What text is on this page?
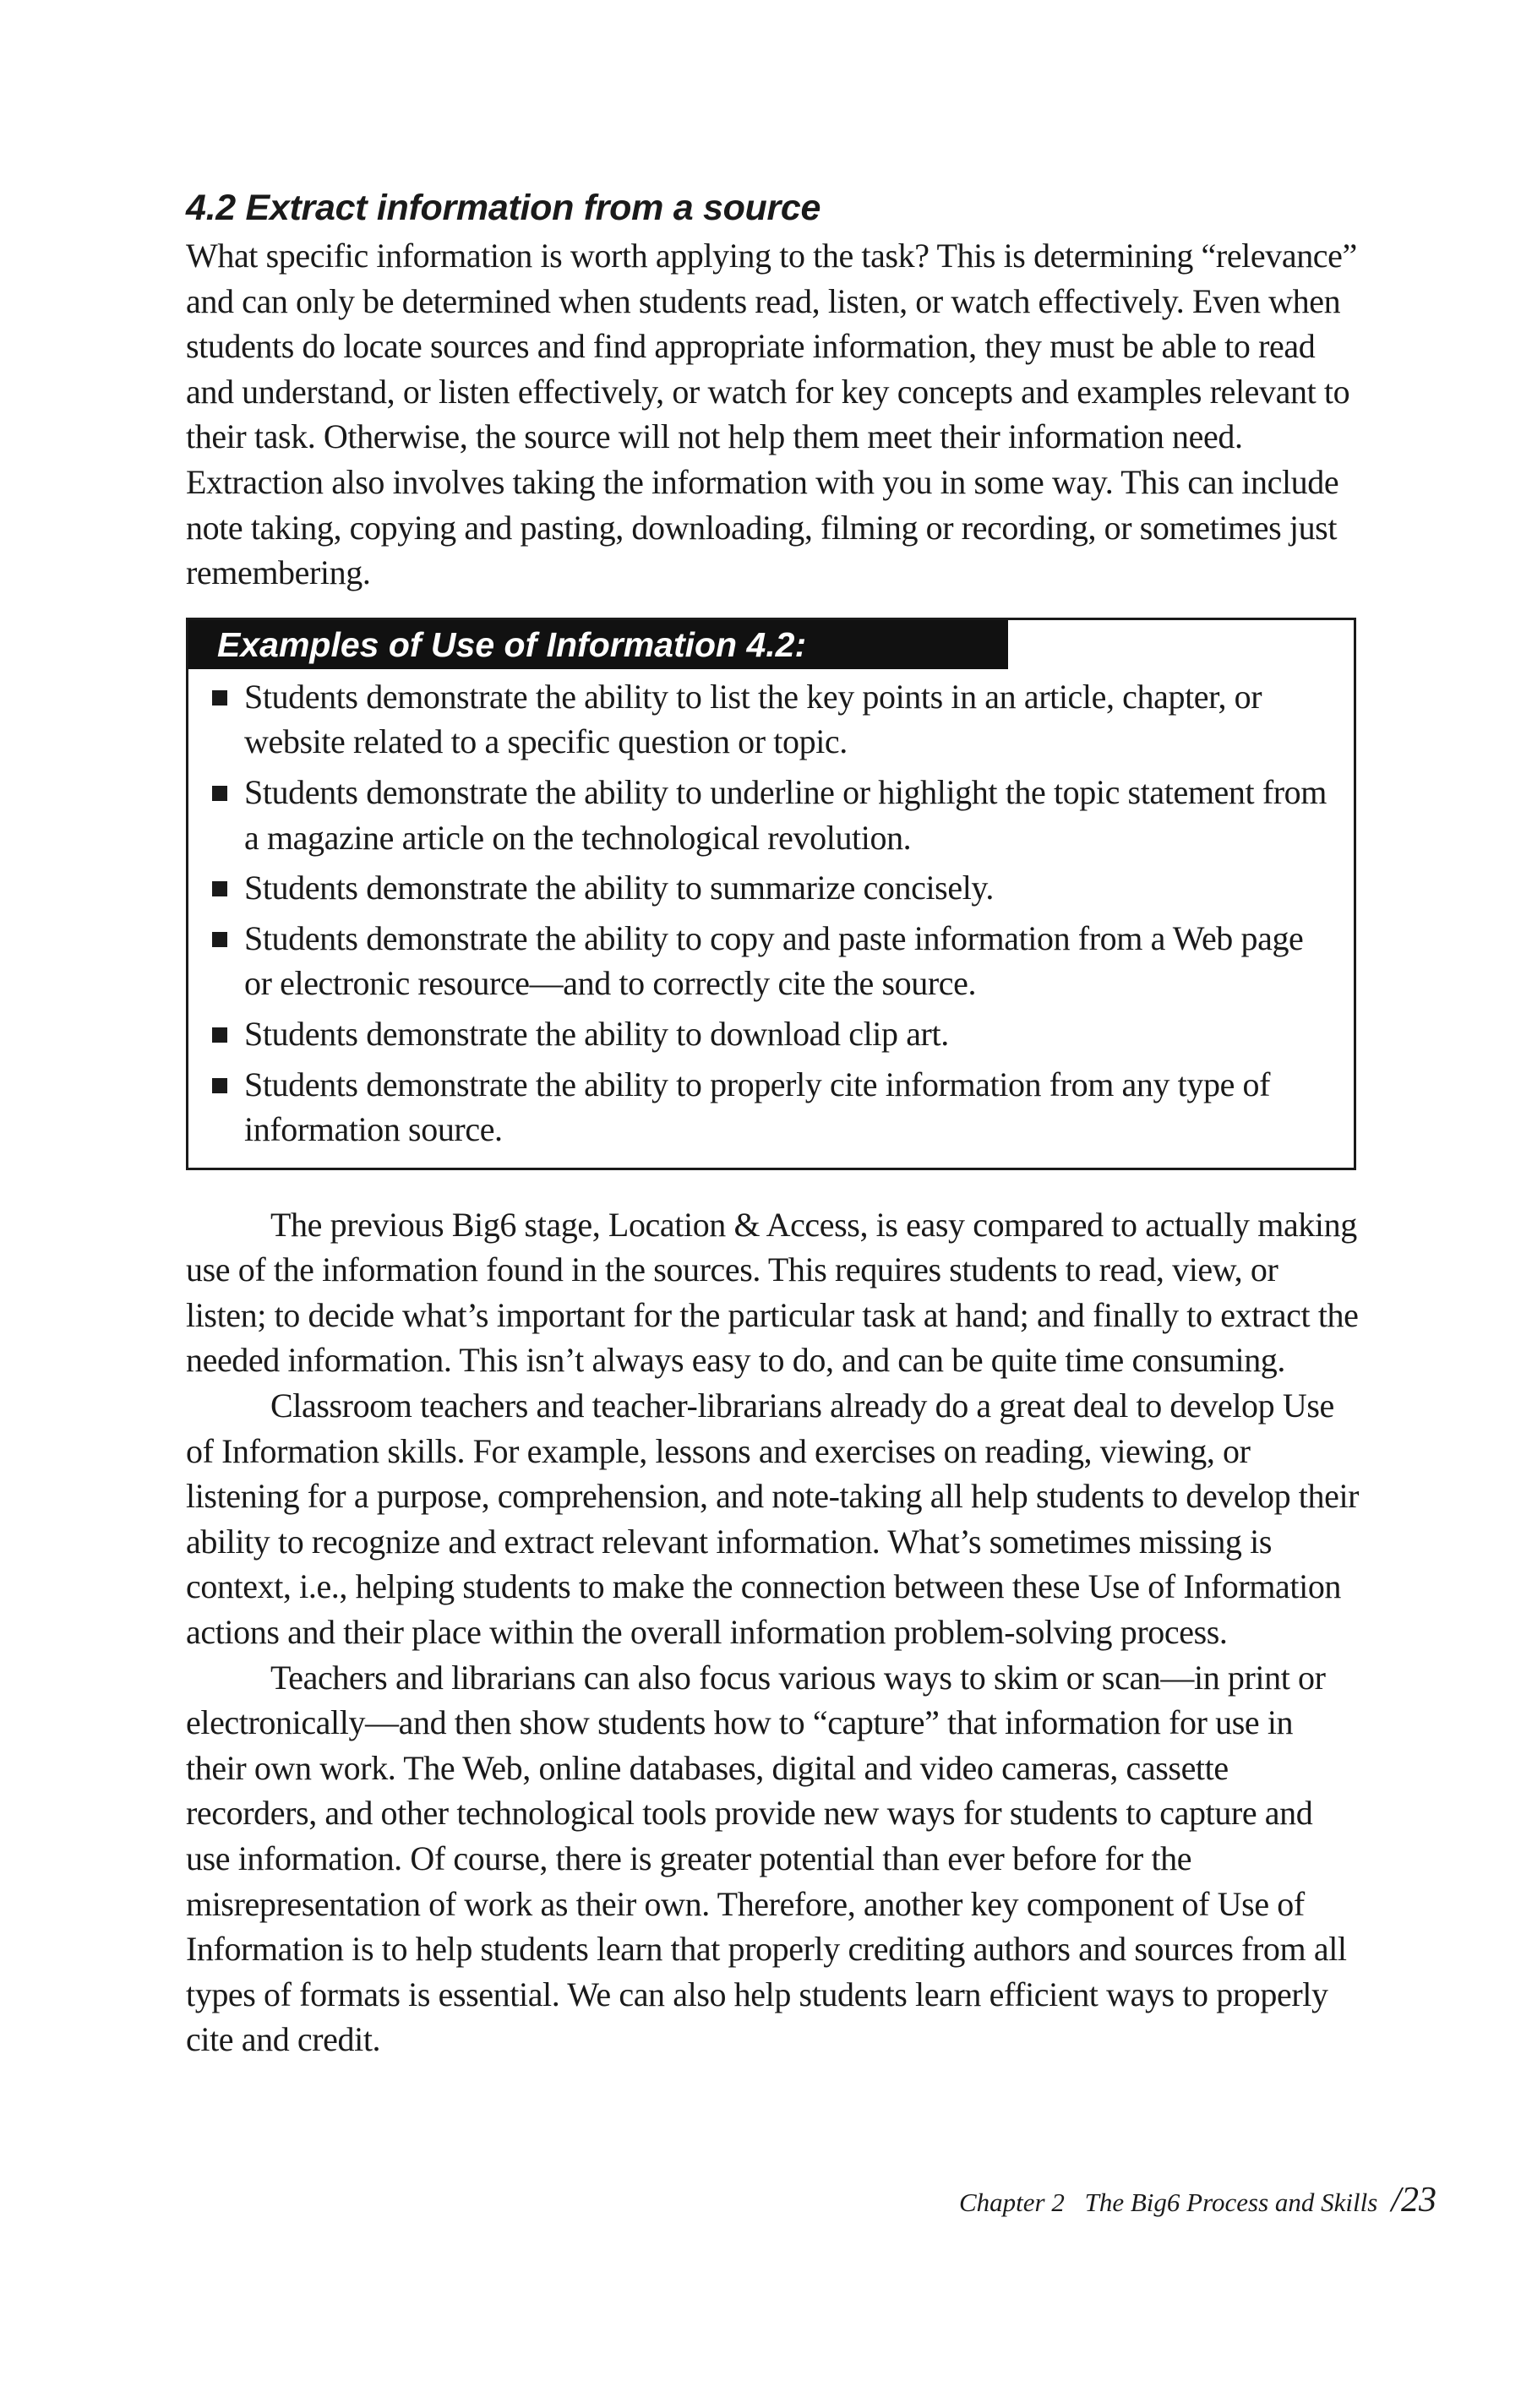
4.2 Extract information from a source

What specific information is worth applying to the task? This is determining “relevance” and can only be determined when students read, listen, or watch effectively. Even when students do locate sources and find appropriate information, they must be able to read and understand, or listen effectively, or watch for key concepts and examples relevant to their task. Otherwise, the source will not help them meet their information need. Extraction also involves taking the information with you in some way. This can include note taking, copying and pasting, downloading, filming or recording, or sometimes just remembering.

Examples of Use of Information 4.2:
Students demonstrate the ability to list the key points in an article, chapter, or website related to a specific question or topic.
Students demonstrate the ability to underline or highlight the topic statement from a magazine article on the technological revolution.
Students demonstrate the ability to summarize concisely.
Students demonstrate the ability to copy and paste information from a Web page or electronic resource—and to correctly cite the source.
Students demonstrate the ability to download clip art.
Students demonstrate the ability to properly cite information from any type of information source.

The previous Big6 stage, Location & Access, is easy compared to actually making use of the information found in the sources. This requires students to read, view, or listen; to decide what’s important for the particular task at hand; and finally to extract the needed information. This isn’t always easy to do, and can be quite time consuming.

Classroom teachers and teacher-librarians already do a great deal to develop Use of Information skills. For example, lessons and exercises on reading, viewing, or listening for a purpose, comprehension, and note-taking all help students to develop their ability to recognize and extract relevant information. What’s sometimes missing is context, i.e., helping students to make the connection between these Use of Information actions and their place within the overall information problem-solving process.

Teachers and librarians can also focus various ways to skim or scan—in print or electronically—and then show students how to “capture” that information for use in their own work. The Web, online databases, digital and video cameras, cassette recorders, and other technological tools provide new ways for students to capture and use information. Of course, there is greater potential than ever before for the misrepresentation of work as their own. Therefore, another key component of Use of Information is to help students learn that properly crediting authors and sources from all types of formats is essential. We can also help students learn efficient ways to properly cite and credit.

Chapter 2 The Big6 Process and Skills /23
